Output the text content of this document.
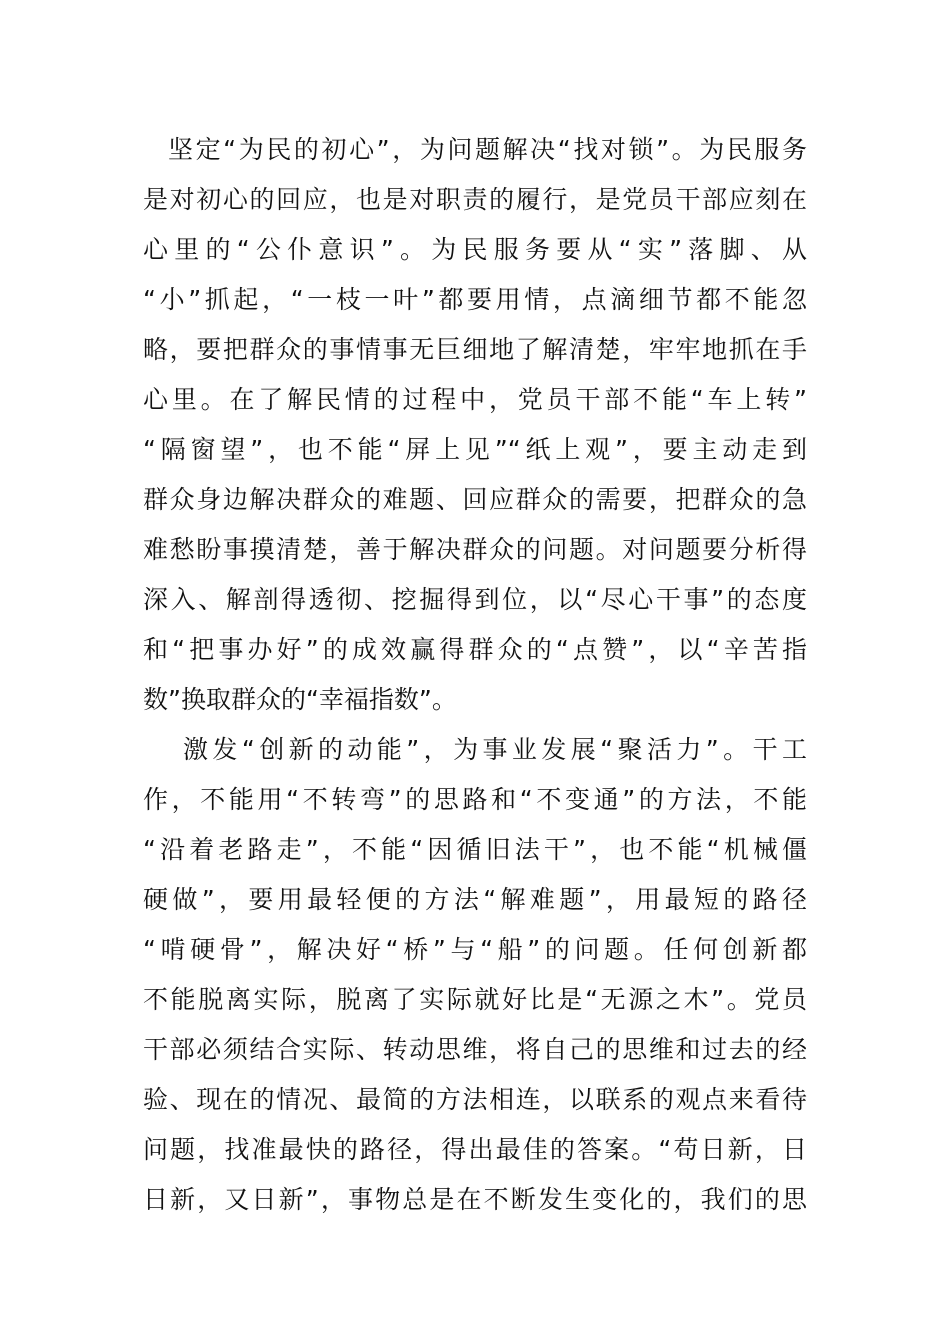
坚定“为民的初心”，为问题解决“找对锁”。为民服务
是对初心的回应，也是对职责的履行，是党员干部应刻在
心里的“公仆意识”。为民服务要从“实”落脚、从
“小”抓起，“一枝一叶”都要用情，点滴细节都不能忽
略，要把群众的事情事无巨细地了解清楚，牢牢地抓在手
心里。在了解民情的过程中，党员干部不能“车上转”
“隔窗望”，也不能“屏上见”“纸上观”，要主动走到
群众身边解决群众的难题、回应群众的需要，把群众的急
难愁盼事摸清楚，善于解决群众的问题。对问题要分析得
深入、解剖得透彻、挖掘得到位，以“尽心干事”的态度
和“把事办好”的成效赢得群众的“点赞”，以“辛苦指
数”换取群众的“幸福指数”。
激发“创新的动能”，为事业发展“聚活力”。干工
作，不能用“不转弯”的思路和“不变通”的方法，不能
“沿着老路走”，不能“因循旧法干”，也不能“机械僵
硬做”，要用最轻便的方法“解难题”，用最短的路径
“啃硬骨”，解决好“桥”与“船”的问题。任何创新都
不能脱离实际，脱离了实际就好比是“无源之木”。党员
干部必须结合实际、转动思维，将自己的思维和过去的经
验、现在的情况、最简的方法相连，以联系的观点来看待
问题，找准最快的路径，得出最佳的答案。“苟日新，日
日新，又日新”，事物总是在不断发生变化的，我们的思
